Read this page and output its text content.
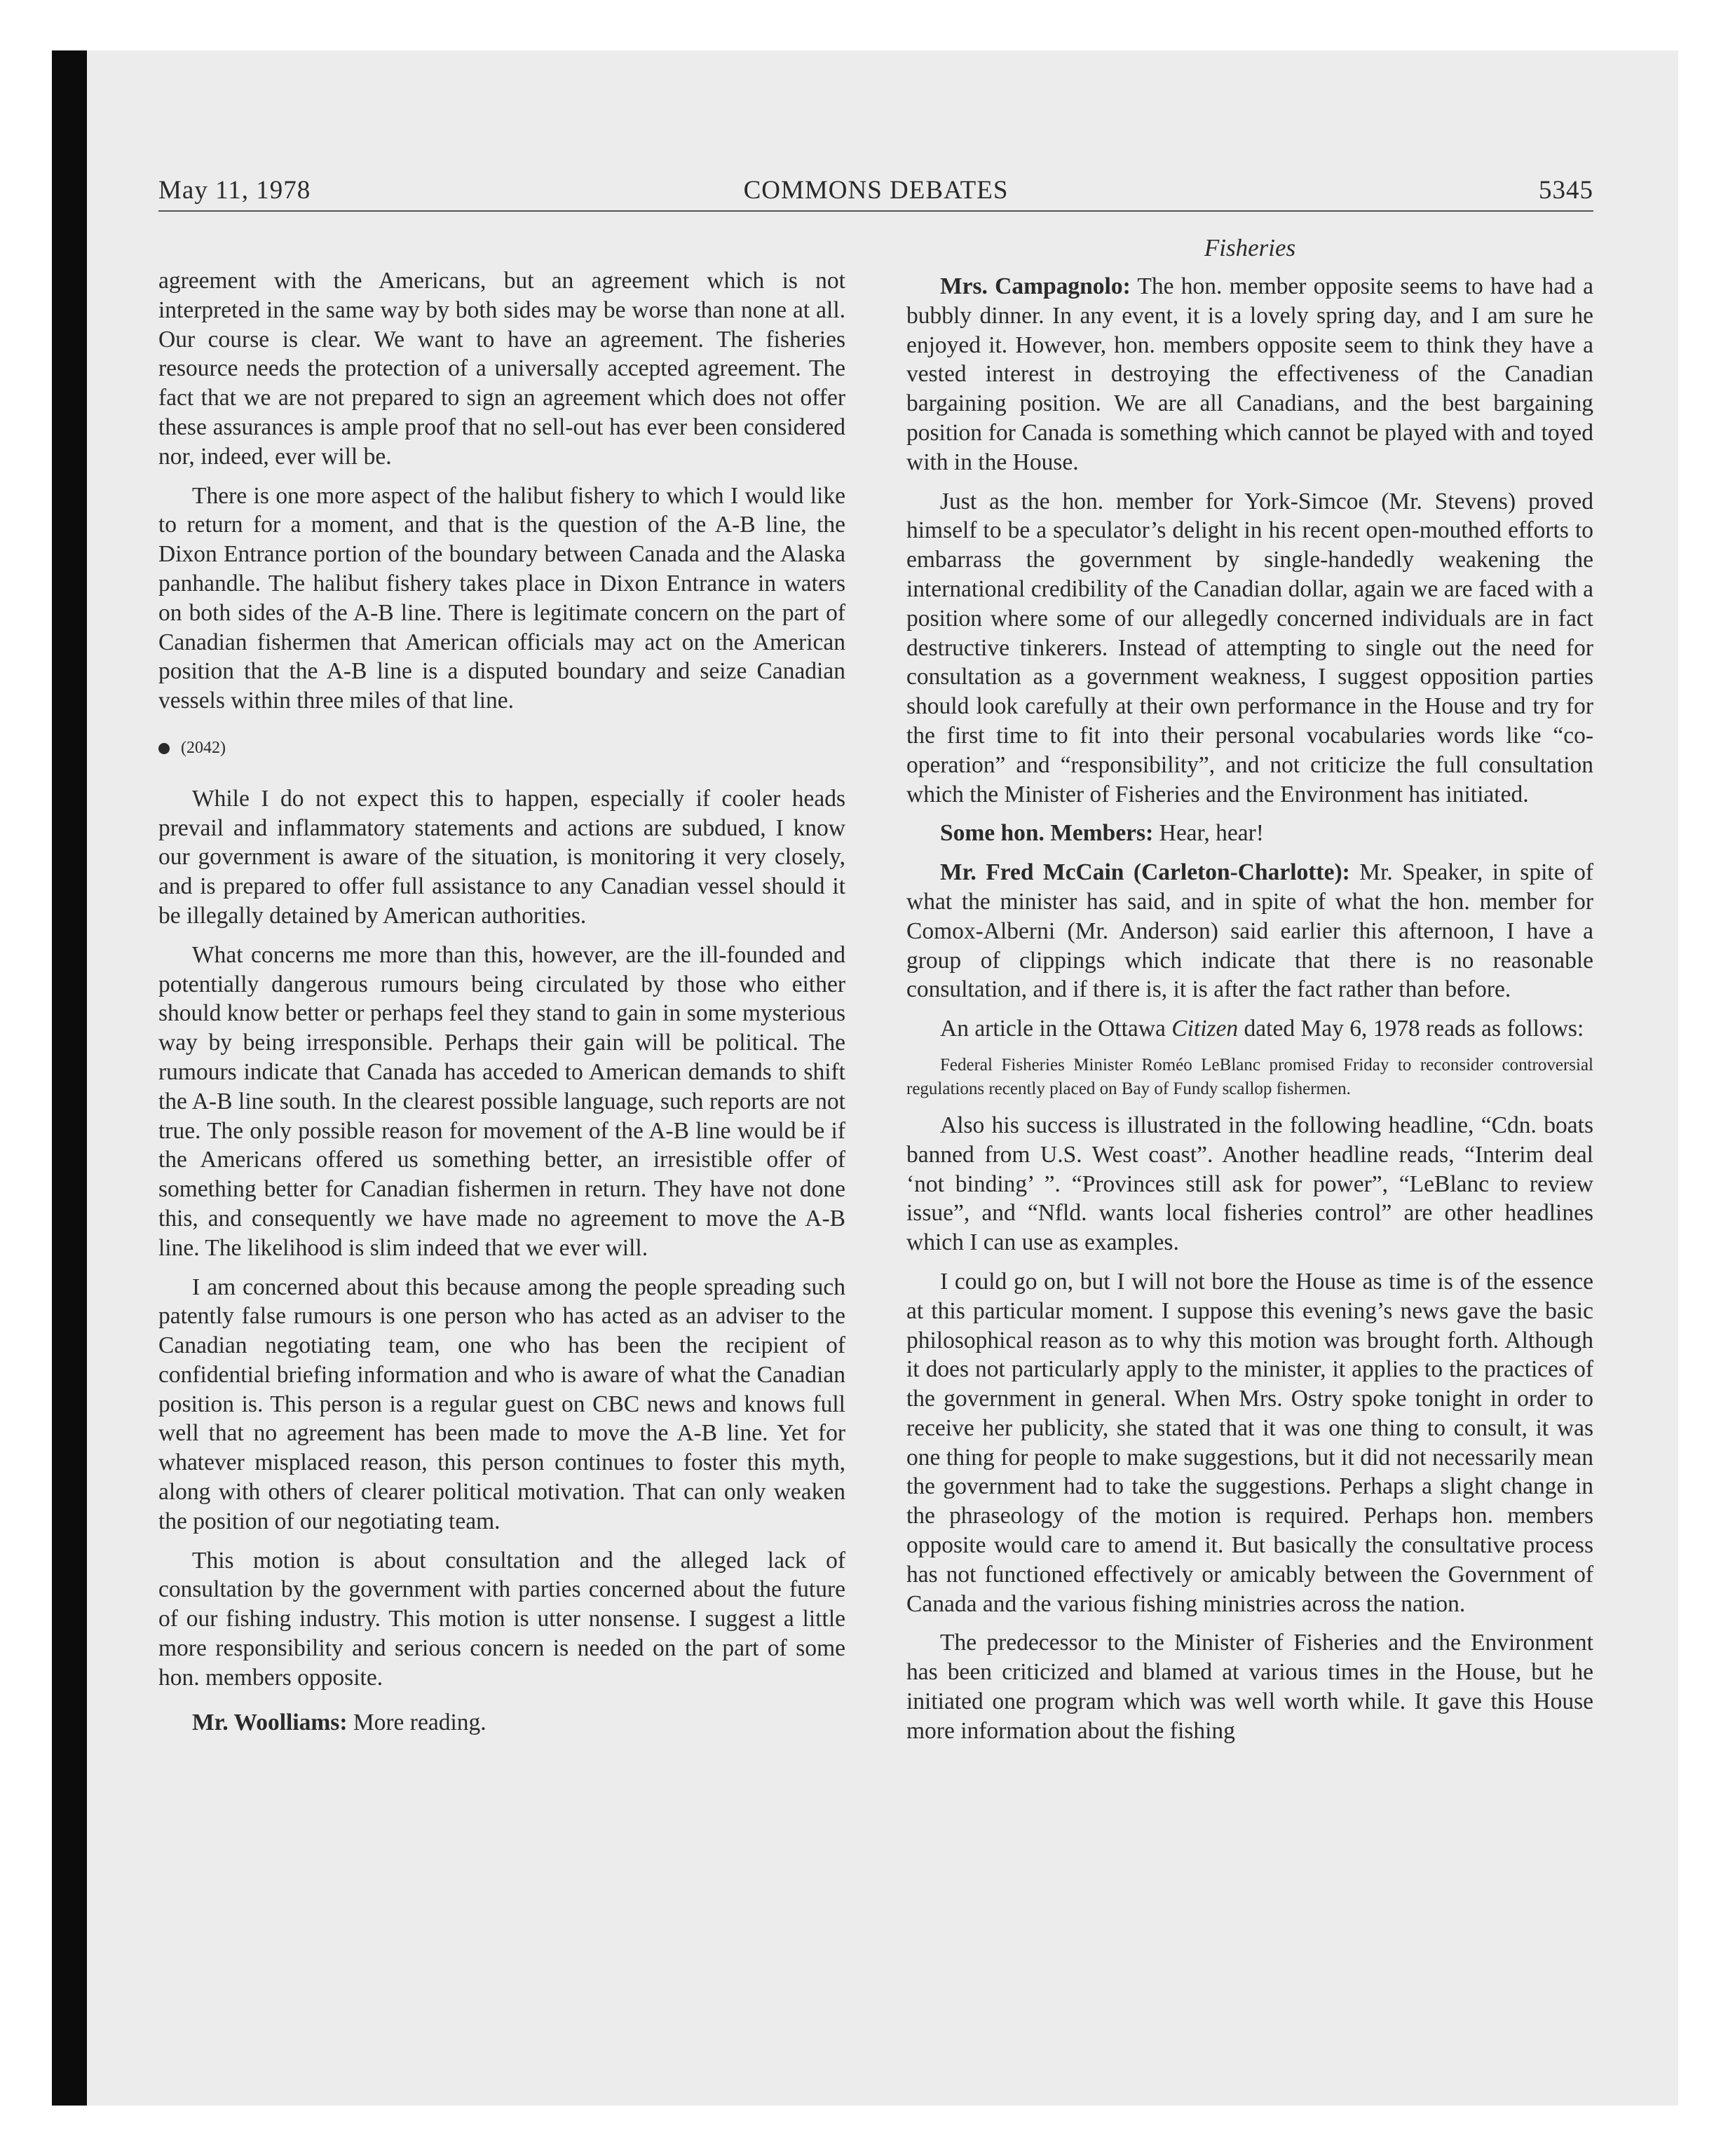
May 11, 1978	COMMONS DEBATES	5345

agreement with the Americans, but an agreement which is not interpreted in the same way by both sides may be worse than none at all. Our course is clear. We want to have an agreement. The fisheries resource needs the protection of a universally accepted agreement. The fact that we are not prepared to sign an agreement which does not offer these assurances is ample proof that no sell-out has ever been considered nor, indeed, ever will be.

There is one more aspect of the halibut fishery to which I would like to return for a moment, and that is the question of the A-B line, the Dixon Entrance portion of the boundary between Canada and the Alaska panhandle. The halibut fishery takes place in Dixon Entrance in waters on both sides of the A-B line. There is legitimate concern on the part of Canadian fishermen that American officials may act on the American position that the A-B line is a disputed boundary and seize Canadian vessels within three miles of that line.

(2042)

While I do not expect this to happen, especially if cooler heads prevail and inflammatory statements and actions are subdued, I know our government is aware of the situation, is monitoring it very closely, and is prepared to offer full assistance to any Canadian vessel should it be illegally detained by American authorities.

What concerns me more than this, however, are the ill-founded and potentially dangerous rumours being circulated by those who either should know better or perhaps feel they stand to gain in some mysterious way by being irresponsible. Perhaps their gain will be political. The rumours indicate that Canada has acceded to American demands to shift the A-B line south. In the clearest possible language, such reports are not true. The only possible reason for movement of the A-B line would be if the Americans offered us something better, an irresistible offer of something better for Canadian fishermen in return. They have not done this, and consequently we have made no agreement to move the A-B line. The likelihood is slim indeed that we ever will.

I am concerned about this because among the people spreading such patently false rumours is one person who has acted as an adviser to the Canadian negotiating team, one who has been the recipient of confidential briefing information and who is aware of what the Canadian position is. This person is a regular guest on CBC news and knows full well that no agreement has been made to move the A-B line. Yet for whatever misplaced reason, this person continues to foster this myth, along with others of clearer political motivation. That can only weaken the position of our negotiating team.

This motion is about consultation and the alleged lack of consultation by the government with parties concerned about the future of our fishing industry. This motion is utter nonsense. I suggest a little more responsibility and serious concern is needed on the part of some hon. members opposite.

Mr. Woolliams: More reading.

Fisheries

Mrs. Campagnolo: The hon. member opposite seems to have had a bubbly dinner. In any event, it is a lovely spring day, and I am sure he enjoyed it. However, hon. members opposite seem to think they have a vested interest in destroying the effectiveness of the Canadian bargaining position. We are all Canadians, and the best bargaining position for Canada is something which cannot be played with and toyed with in the House.

Just as the hon. member for York-Simcoe (Mr. Stevens) proved himself to be a speculator’s delight in his recent open-mouthed efforts to embarrass the government by single-handedly weakening the international credibility of the Canadian dollar, again we are faced with a position where some of our allegedly concerned individuals are in fact destructive tinkerers. Instead of attempting to single out the need for consultation as a government weakness, I suggest opposition parties should look carefully at their own performance in the House and try for the first time to fit into their personal vocabularies words like “co-operation” and “responsibility”, and not criticize the full consultation which the Minister of Fisheries and the Environment has initiated.

Some hon. Members: Hear, hear!

Mr. Fred McCain (Carleton-Charlotte): Mr. Speaker, in spite of what the minister has said, and in spite of what the hon. member for Comox-Alberni (Mr. Anderson) said earlier this afternoon, I have a group of clippings which indicate that there is no reasonable consultation, and if there is, it is after the fact rather than before.

An article in the Ottawa Citizen dated May 6, 1978 reads as follows:

Federal Fisheries Minister Roméo LeBlanc promised Friday to reconsider controversial regulations recently placed on Bay of Fundy scallop fishermen.

Also his success is illustrated in the following headline, “Cdn. boats banned from U.S. West coast”. Another headline reads, “Interim deal ‘not binding’ ”. “Provinces still ask for power”, “LeBlanc to review issue”, and “Nfld. wants local fisheries control” are other headlines which I can use as examples.

I could go on, but I will not bore the House as time is of the essence at this particular moment. I suppose this evening’s news gave the basic philosophical reason as to why this motion was brought forth. Although it does not particularly apply to the minister, it applies to the practices of the government in general. When Mrs. Ostry spoke tonight in order to receive her publicity, she stated that it was one thing to consult, it was one thing for people to make suggestions, but it did not necessarily mean the government had to take the suggestions. Perhaps a slight change in the phraseology of the motion is required. Perhaps hon. members opposite would care to amend it. But basically the consultative process has not functioned effectively or amicably between the Government of Canada and the various fishing ministries across the nation.

The predecessor to the Minister of Fisheries and the Environment has been criticized and blamed at various times in the House, but he initiated one program which was well worth while. It gave this House more information about the fishing
